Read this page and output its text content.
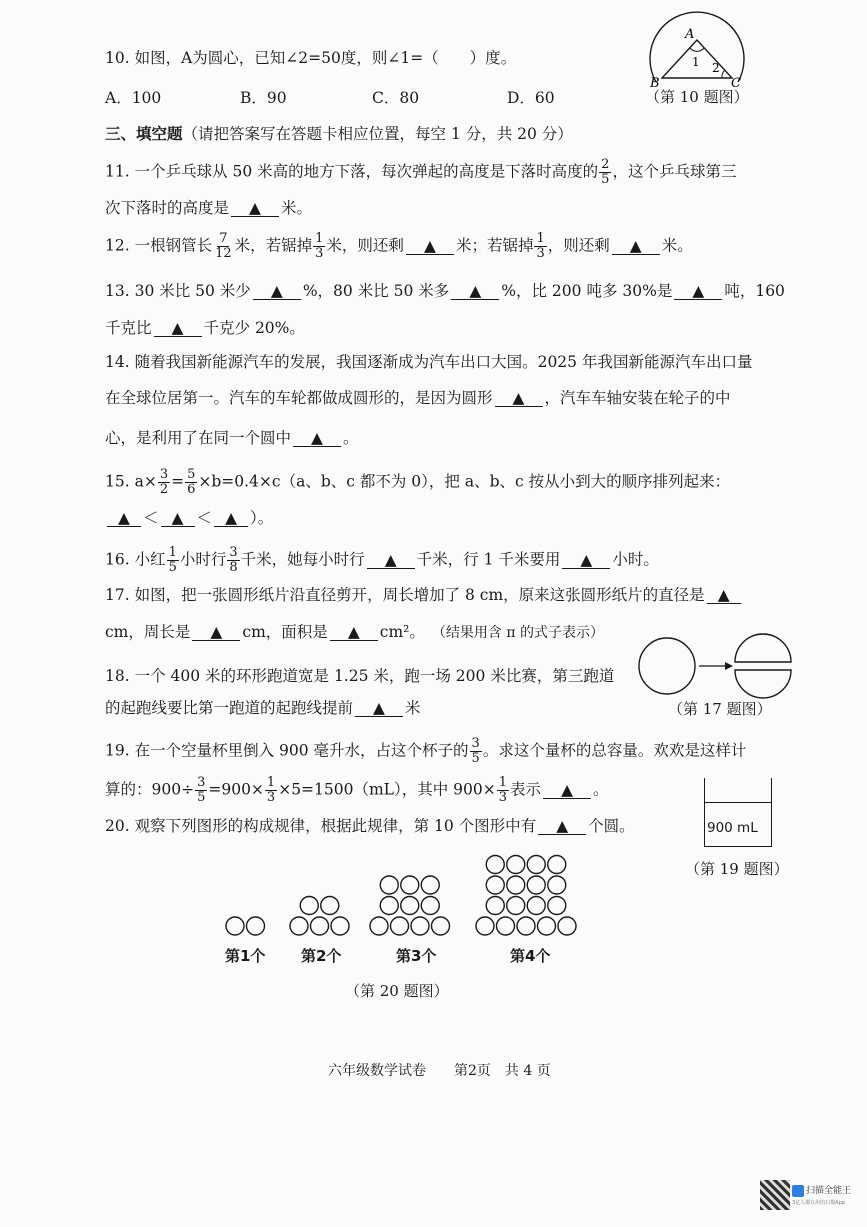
10. 如图，A为圆心，已知∠2=50度，则∠1=（　　）度。
A．100	B．90	C．80	D．60
A
1 2
B	C
（第 10 题图）
三、填空题（请把答案写在答题卡相应位置，每空 1 分，共 20 分）
11. 一个乒乓球从 50 米高的地方下落，每次弹起的高度是下落时高度的 $\frac{2}{5}$ ，这个乒乓球第三
次下落时的高度是 ▲ 米。
12. 一根钢管长 $\frac{7}{12}$ 米，若锯掉 $\frac{1}{3}$ 米，则还剩 ▲ 米；若锯掉 $\frac{1}{3}$ ，则还剩 ▲ 米。
13. 30 米比 50 米少 ▲ %，80 米比 50 米多 ▲ %，比 200 吨多 30%是 ▲ 吨，160
千克比 ▲ 千克少 20%。
14. 随着我国新能源汽车的发展，我国逐渐成为汽车出口大国。2025 年我国新能源汽车出口量
在全球位居第一。汽车的车轮都做成圆形的，是因为圆形 ▲ ，汽车车轴安装在轮子的中
心，是利用了在同一个圆中 ▲ 。
15. $a\times \frac{3}{2} = \frac{5}{6} \times b=0.4\times c(a$、b、c 都不为 0），把 a、b、c 按从小到大的顺序排列起来：
▲ ＜ ▲ ＜ ▲ ）。
16. 小红 $\frac{1}{5}$ 小时行 $\frac{3}{8}$ 千米，她每小时行 ▲ 千米，行 1 千米要用 ▲ 小时。
17. 如图，把一张圆形纸片沿直径剪开，周长增加了 8 cm，原来这张圆形纸片的直径是 ▲
cm，周长是 ▲ cm，面积是 ▲ cm²。 （结果用含 π 的式子表示）
（第 17 题图）
18. 一个 400 米的环形跑道宽是 1.25 米，跑一场 200 米比赛，第三跑道
的起跑线要比第一跑道的起跑线提前 ▲ 米
19. 在一个空量杯里倒入 900 毫升水，占这个杯子的 $\frac{3}{5}$ 。求这个量杯的总容量。欢欢是这样计
算的：$900\div \frac{3}{5} =900\times \frac{1}{3} \times 5=1500(mL)$，其中 $900\times \frac{1}{3}$ 表示 ▲ 。
900 mL
（第 19 题图）
20. 观察下列图形的构成规律，根据此规律，第 10 个图形中有 ▲ 个圆。
第1个 第2个	第3个	第4个
（第 20 题图）
六年级数学试卷　　第2页　共 4 页
扫描全能王
3亿人都在用的扫描App
